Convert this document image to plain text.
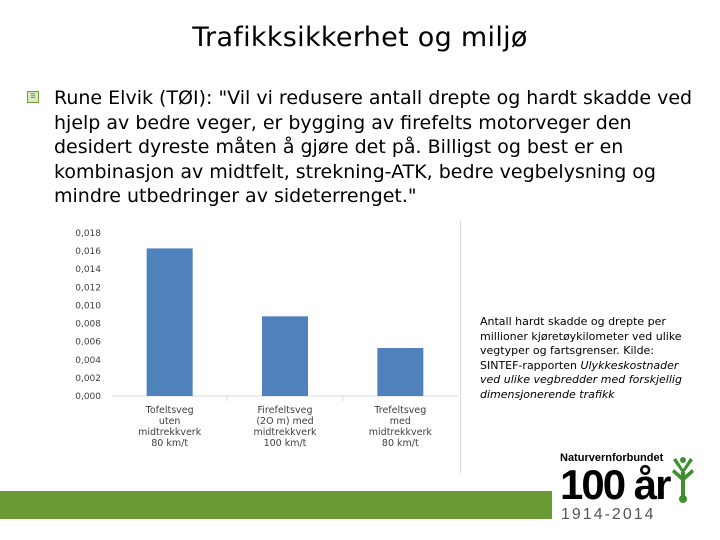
Trafikksikkerhet og miljø
☰ Rune Elvik (TØI): "Vil vi redusere antall drepte og hardt skadde ved hjelp av bedre veger, er bygging av firefelts motorveger den desidert dyreste måten å gjøre det på. Billigst og best er en kombinasjon av midtfelt, strekning-ATK, bedre vegbelysning og mindre utbedringer av sideterrenget."
0,000
0,002
0,004
0,006
0,008
0,010
0,012
0,014
0,016
0,018
Tofeltsveg uten midtrekkverk 80 km/t
Firefeltsveg (2O m) med midtrekkverk 100 km/t
Trefeltsveg med midtrekkverk 80 km/t
Antall hardt skadde og drepte per millioner kjøretøykilometer ved ulike vegtyper og fartsgrenser. Kilde: SINTEF-rapporten Ulykkeskostnader ved ulike vegbredder med forskjellig dimensjonerende trafikk
Naturvernforbundet
100 år
1914-2014
